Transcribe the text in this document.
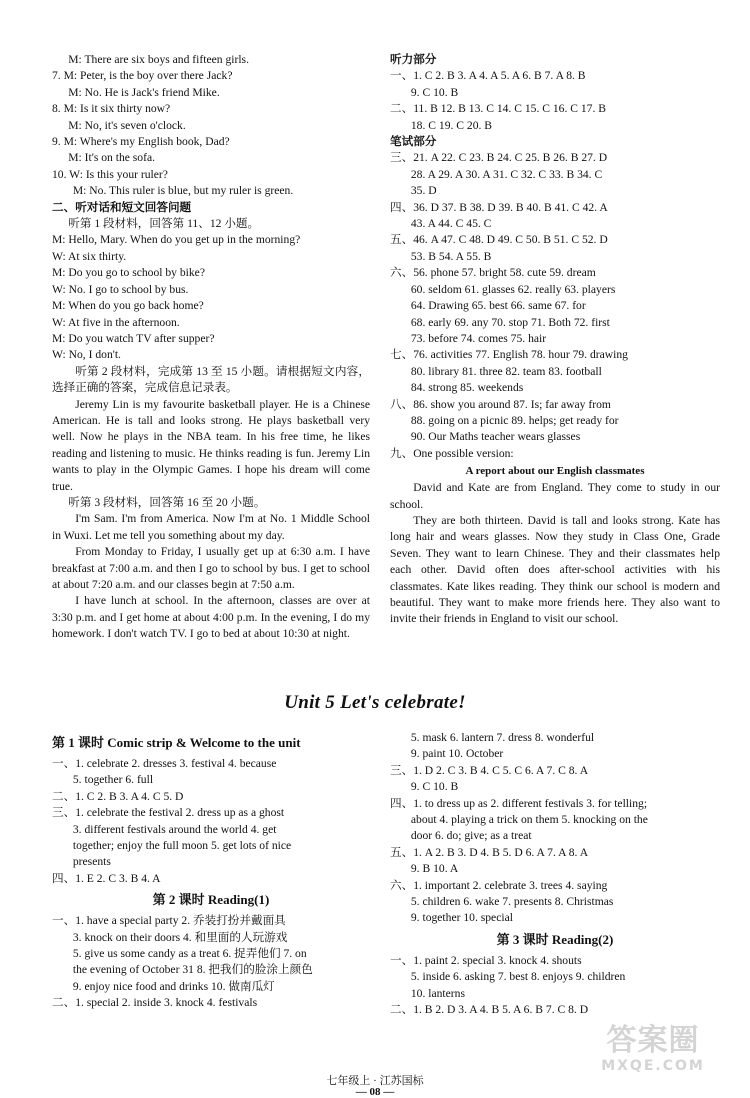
M: There are six boys and fifteen girls.
7. M: Peter, is the boy over there Jack?
M: No. He is Jack's friend Mike.
8. M: Is it six thirty now?
M: No, it's seven o'clock.
9. M: Where's my English book, Dad?
M: It's on the sofa.
10. W: Is this your ruler?
M: No. This ruler is blue, but my ruler is green.
二、听对话和短文回答问题
听第 1 段材料，回答第 11、12 小题。
M: Hello, Mary. When do you get up in the morning?
W: At six thirty.
M: Do you go to school by bike?
W: No. I go to school by bus.
M: When do you go back home?
W: At five in the afternoon.
M: Do you watch TV after supper?
W: No, I don't.
听第 2 段材料，完成第 13 至 15 小题。请根据短文内容，选择正确的答案，完成信息记录表。
Jeremy Lin is my favourite basketball player. He is a Chinese American. He is tall and looks strong. He plays basketball very well. Now he plays in the NBA team. In his free time, he likes reading and listening to music. He thinks reading is fun. Jeremy Lin wants to play in the Olympic Games. I hope his dream will come true.
听第 3 段材料，回答第 16 至 20 小题。
I'm Sam. I'm from America. Now I'm at No. 1 Middle School in Wuxi. Let me tell you something about my day.
From Monday to Friday, I usually get up at 6:30 a.m. I have breakfast at 7:00 a.m. and then I go to school by bus. I get to school at about 7:20 a.m. and our classes begin at 7:50 a.m.
I have lunch at school. In the afternoon, classes are over at 3:30 p.m. and I get home at about 4:00 p.m. In the evening, I do my homework. I don't watch TV. I go to bed at about 10:30 at night.
听力部分
一、1. C 2. B 3. A 4. A 5. A 6. B 7. A 8. B
9. C 10. B
二、11. B 12. B 13. C 14. C 15. C 16. C 17. B
18. C 19. C 20. B
笔试部分
三、21. A 22. C 23. B 24. C 25. B 26. B 27. D
28. A 29. A 30. A 31. C 32. C 33. B 34. C
35. D
四、36. D 37. B 38. D 39. B 40. B 41. C 42. A
43. A 44. C 45. C
五、46. A 47. C 48. D 49. C 50. B 51. C 52. D
53. B 54. A 55. B
六、56. phone 57. bright 58. cute 59. dream
60. seldom 61. glasses 62. really 63. players
64. Drawing 65. best 66. same 67. for
68. early 69. any 70. stop 71. Both 72. first
73. before 74. comes 75. hair
七、76. activities 77. English 78. hour 79. drawing
80. library 81. three 82. team 83. football
84. strong 85. weekends
八、86. show you around 87. Is; far away from
88. going on a picnic 89. helps; get ready for
90. Our Maths teacher wears glasses
九、One possible version:
A report about our English classmates
David and Kate are from England. They come to study in our school.
They are both thirteen. David is tall and looks strong. Kate has long hair and wears glasses. Now they study in Class One, Grade Seven. They want to learn Chinese. They and their classmates help each other. David often does after-school activities with his classmates. Kate likes reading. They think our school is modern and beautiful. They want to make more friends here. They also want to invite their friends in England to visit our school.
Unit 5 Let's celebrate!
第 1 课时 Comic strip & Welcome to the unit
一、1. celebrate 2. dresses 3. festival 4. because
5. together 6. full
二、1. C 2. B 3. A 4. C 5. D
三、1. celebrate the festival 2. dress up as a ghost
3. different festivals around the world 4. get
together; enjoy the full moon 5. get lots of nice
presents
四、1. E 2. C 3. B 4. A
第 2 课时 Reading(1)
一、1. have a special party 2. 乔装打扮并戴面具
3. knock on their doors 4. 和里面的人玩游戏
5. give us some candy as a treat 6. 捉弄他们 7. on
the evening of October 31 8. 把我们的脸涂上颜色
9. enjoy nice food and drinks 10. 做南瓜灯
二、1. special 2. inside 3. knock 4. festivals
5. mask 6. lantern 7. dress 8. wonderful
9. paint 10. October
三、1. D 2. C 3. B 4. C 5. C 6. A 7. C 8. A
9. C 10. B
四、1. to dress up as 2. different festivals 3. for telling;
about 4. playing a trick on them 5. knocking on the
door 6. do; give; as a treat
五、1. A 2. B 3. D 4. B 5. D 6. A 7. A 8. A
9. B 10. A
六、1. important 2. celebrate 3. trees 4. saying
5. children 6. wake 7. presents 8. Christmas
9. together 10. special
第 3 课时 Reading(2)
一、1. paint 2. special 3. knock 4. shouts
5. inside 6. asking 7. best 8. enjoys 9. children
10. lanterns
二、1. B 2. D 3. A 4. B 5. A 6. B 7. C 8. D
七年级上 · 江苏国标
— 08 —
答案圈
MXQE.COM
